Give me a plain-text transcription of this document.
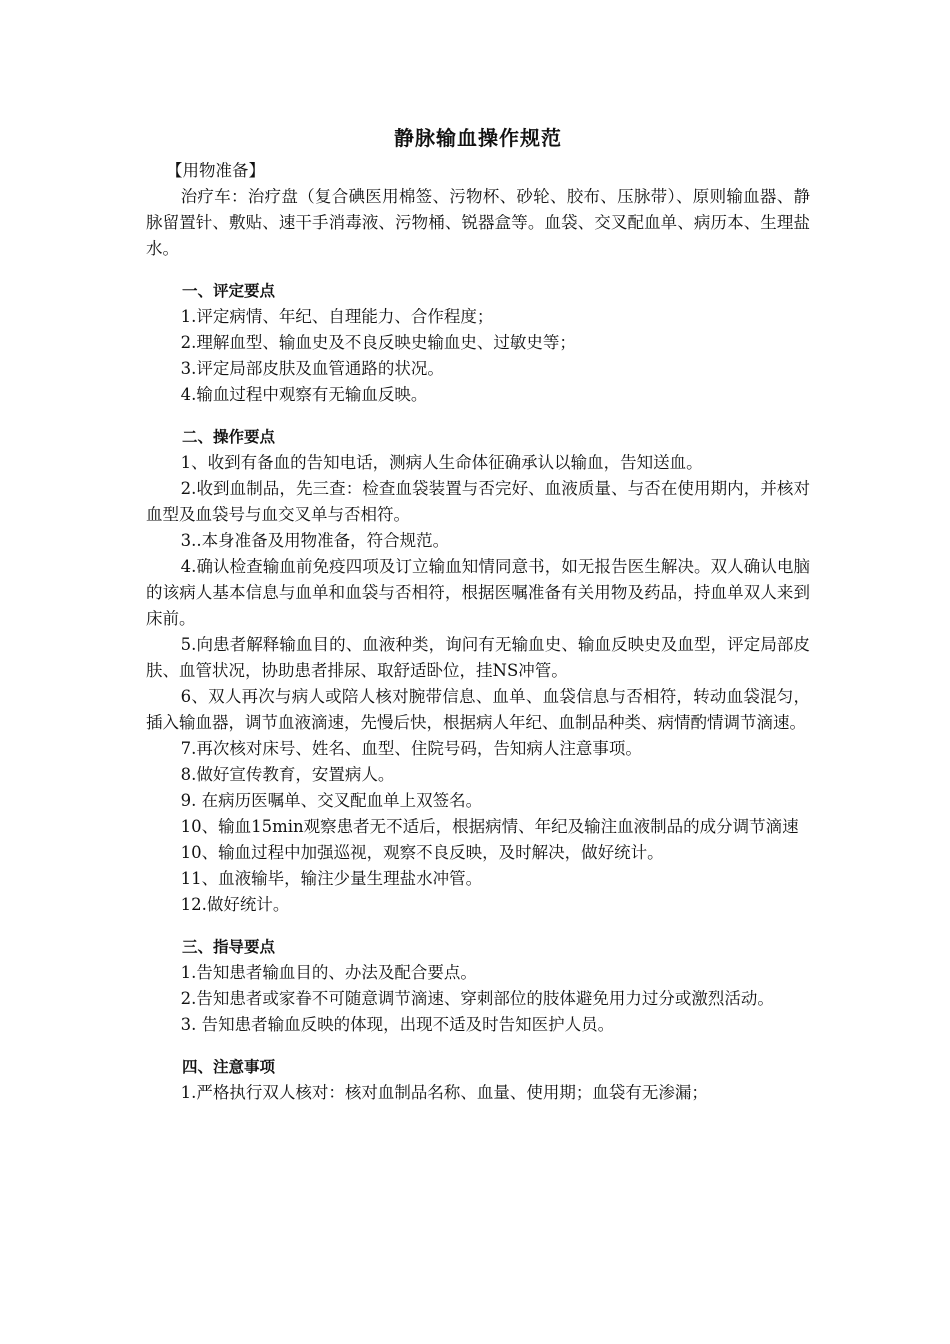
静脉输血操作规范

【用物准备】

治疗车：治疗盘（复合碘医用棉签、污物杯、砂轮、胶布、压脉带）、原则输血器、静脉留置针、敷贴、速干手消毒液、污物桶、锐器盒等。血袋、交叉配血单、病历本、生理盐水。

一、评定要点

1.评定病情、年纪、自理能力、合作程度；

2.理解血型、输血史及不良反映史输血史、过敏史等；

3.评定局部皮肤及血管通路的状况。

4.输血过程中观察有无输血反映。

二、操作要点

1、收到有备血的告知电话，测病人生命体征确承认以输血，告知送血。

2.收到血制品，先三查：检查血袋装置与否完好、血液质量、与否在使用期内，并核对血型及血袋号与血交叉单与否相符。

3..本身准备及用物准备，符合规范。

4.确认检查输血前免疫四项及订立输血知情同意书，如无报告医生解决。双人确认电脑的该病人基本信息与血单和血袋与否相符，根据医嘱准备有关用物及药品，持血单双人来到床前。

5.向患者解释输血目的、血液种类，询问有无输血史、输血反映史及血型，评定局部皮肤、血管状况，协助患者排尿、取舒适卧位，挂NS冲管。

6、双人再次与病人或陪人核对腕带信息、血单、血袋信息与否相符，转动血袋混匀，插入输血器，调节血液滴速，先慢后快，根据病人年纪、血制品种类、病情酌情调节滴速。

7.再次核对床号、姓名、血型、住院号码，告知病人注意事项。

8.做好宣传教育，安置病人。

9. 在病历医嘱单、交叉配血单上双签名。

10、输血15min观察患者无不适后，根据病情、年纪及输注血液制品的成分调节滴速

10、输血过程中加强巡视，观察不良反映，及时解决，做好统计。

11、血液输毕，输注少量生理盐水冲管。

12.做好统计。

三、指导要点

1.告知患者输血目的、办法及配合要点。

2.告知患者或家眷不可随意调节滴速、穿刺部位的肢体避免用力过分或激烈活动。

3. 告知患者输血反映的体现，出现不适及时告知医护人员。

四、注意事项

1.严格执行双人核对：核对血制品名称、血量、使用期；血袋有无渗漏；
